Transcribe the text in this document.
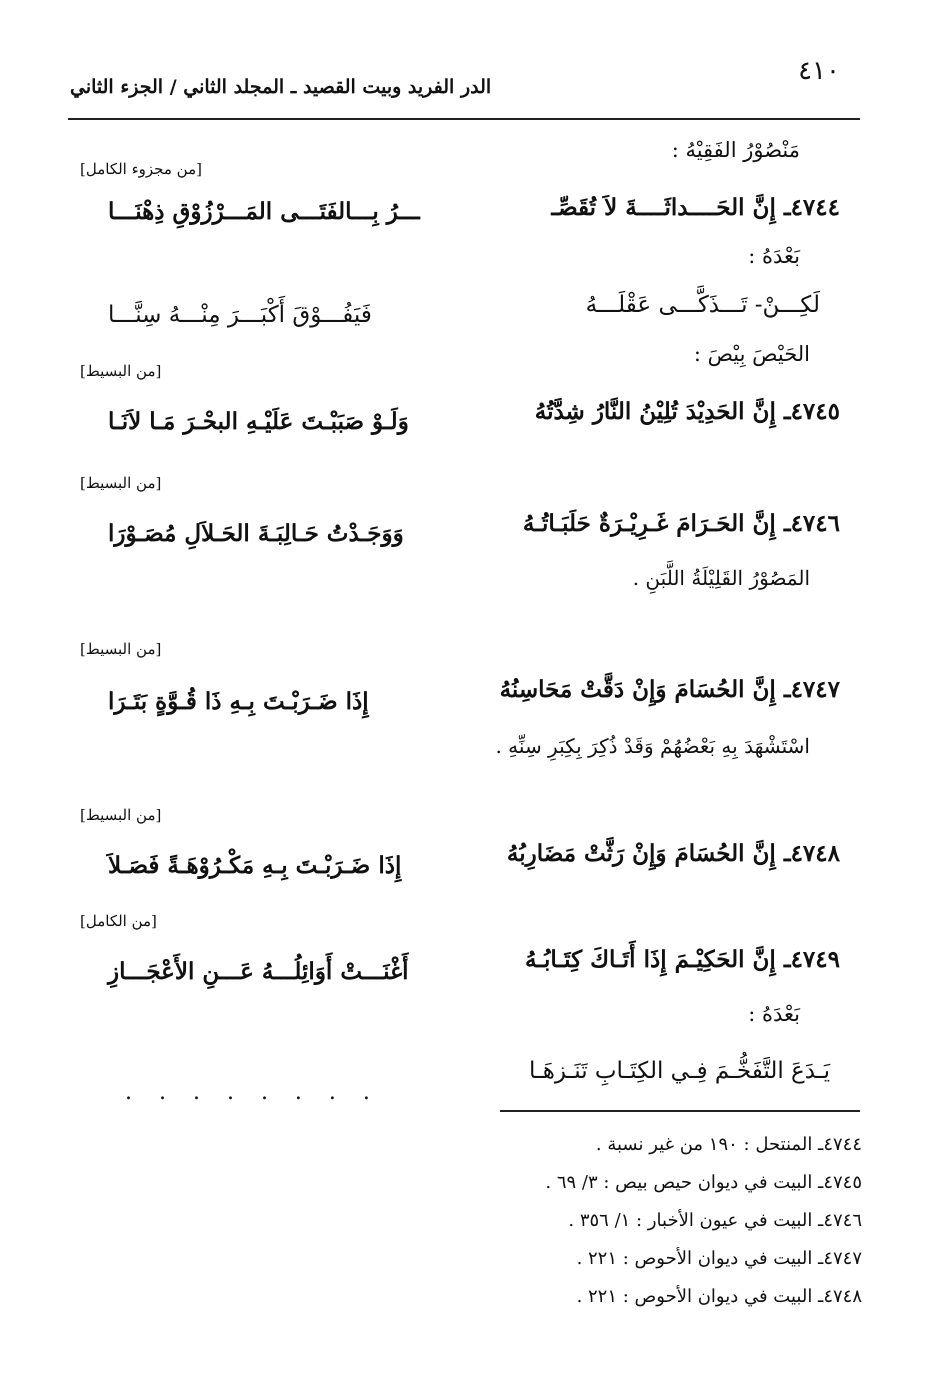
٤١٠
الدر الفريد وبيت القصيد ـ المجلد الثاني / الجزء الثاني
مَنْصُوْرُ الفَقِيْهُ :
[من مجزوء الكامل]
٤٧٤٤ـ إِنَّ الحَــــداثَــــةَ لاَ تُقَصِّـ
ـــرُ بِـــالفَتَـــى المَـــرْزُوْقِ ذِهْنَـــا
بَعْدَهُ :
لَكِـــنْ- تَـــذَكَّـــى عَقْلَـــهُ
فَيَفُـــوْقَ أَكْبَـــرَ مِنْـــهُ سِنَّـــا
الحَيْصَ بِيْصَ :
[من البسيط]
٤٧٤٥ـ إِنَّ الحَدِيْدَ تُلِيْنُ النَّارُ شِدَّتُهُ
وَلَـوْ صَبَبْـتَ عَلَيْـهِ البحْـرَ مَـا لاَنَـا
[من البسيط]
٤٧٤٦ـ إِنَّ الحَـرَامَ غَـرِيْـرَةٌ حَلَبَـاتُـهُ
وَوَجَـدْتُ حَـالِبَـةَ الحَـلاَلِ مُصَـوْرَا
المَصُوْرُ القَلِيْلَةُ اللَّبَنِ .
[من البسيط]
٤٧٤٧ـ إِنَّ الحُسَامَ وَإِنْ دَقَّتْ مَحَاسِنُهُ
إِذَا ضَـرَبْـتَ بِـهِ ذَا قُـوَّةٍ بَتَـرَا
اسْتَشْهَدَ بِهِ بَعْضُهُمْ وَقَدْ ذُكِرَ بِكِبَرِ سِنِّهِ .
[من البسيط]
٤٧٤٨ـ إِنَّ الحُسَامَ وَإِنْ رَثَّتْ مَضَارِبُهُ
إِذَا ضَـرَبْـتَ بِـهِ مَكْـرُوْهَـةً فَصَـلاَ
[من الكامل]
٤٧٤٩ـ إِنَّ الحَكِيْـمَ إِذَا أَتَـاكَ كِتَـابُـهُ
أَغْنَـــتْ أَوَائِلُـــهُ عَـــنِ الأَعْجَـــازِ
بَعْدَهُ :
يَـدَعَ التَّفَخُّـمَ فِـي الكِتَـابِ تَنَـزهَـا
. . . . . . . .
٤٧٤٤ـ المنتحل : ١٩٠ من غير نسبة .
٤٧٤٥ـ البيت في ديوان حيص بيص : ٣/ ٦٩ .
٤٧٤٦ـ البيت في عيون الأخبار : ١/ ٣٥٦ .
٤٧٤٧ـ البيت في ديوان الأحوص : ٢٢١ .
٤٧٤٨ـ البيت في ديوان الأحوص : ٢٢١ .
